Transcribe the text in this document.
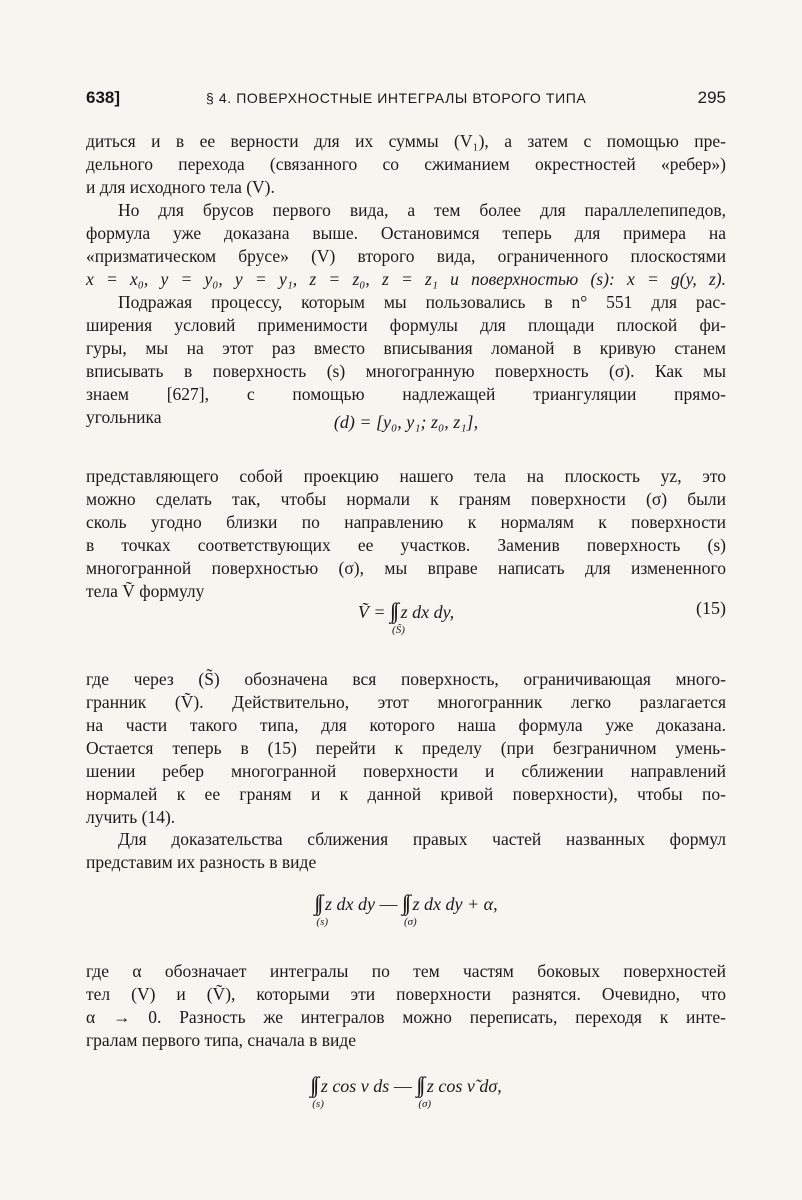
638]	§ 4. ПОВЕРХНОСТНЫЕ ИНТЕГРАЛЫ ВТОРОГО ТИПА	295
диться и в ее верности для их суммы (V₁), а затем с помощью пре-
дельного перехода (связанного со сжиманием окрестностей «ребер»)
и для исходного тела (V).
Но для брусов первого вида, а тем более для параллелепипедов,
формула уже доказана выше. Остановимся теперь для примера на
«призматическом брусе» (V) второго вида, ограниченного плоскостями
x = x₀, y = y₀, y = y₁, z = z₀, z = z₁ и поверхностью (s): x = g(y, z).
Подражая процессу, которым мы пользовались в n° 551 для рас-
ширения условий применимости формулы для площади плоской фи-
гуры, мы на этот раз вместо вписывания ломаной в кривую станем
вписывать в поверхность (s) многогранную поверхность (σ). Как мы
знаем [627], с помощью надлежащей триангуляции прямо-
угольника	(d) = [y₀, y₁; z₀, z₁],
представляющего собой проекцию нашего тела на плоскость yz, это
можно сделать так, чтобы нормали к граням поверхности (σ) были
сколь угодно близки по направлению к нормалям к поверхности
в точках соответствующих ее участков. Заменив поверхность (s)
многогранной поверхностью (σ), мы вправе написать для измененного
тела Ṽ формулу
Ṽ = ∫∫
(S̃)
z dx dy,	(15)
где через (S̃) обозначена вся поверхность, ограничивающая много-
гранник (Ṽ). Действительно, этот многогранник легко разлагается
на части такого типа, для которого наша формула уже доказана.
Остается теперь в (15) перейти к пределу (при безграничном умень-
шении ребер многогранной поверхности и сближении направлений
нормалей к ее граням и к данной кривой поверхности), чтобы по-
лучить (14).
Для доказательства сближения правых частей названных формул
представим их разность в виде
∫∫
(s)
z dx dy — ∫∫
(σ)
z dx dy + α,
где α обозначает интегралы по тем частям боковых поверхностей
тел (V) и (Ṽ), которыми эти поверхности разнятся. Очевидно, что
α → 0. Разность же интегралов можно переписать, переходя к инте-
гралам первого типа, сначала в виде
∫∫
(s)
z cos ν ds — ∫∫
(σ)
z cos ν̃ dσ,
